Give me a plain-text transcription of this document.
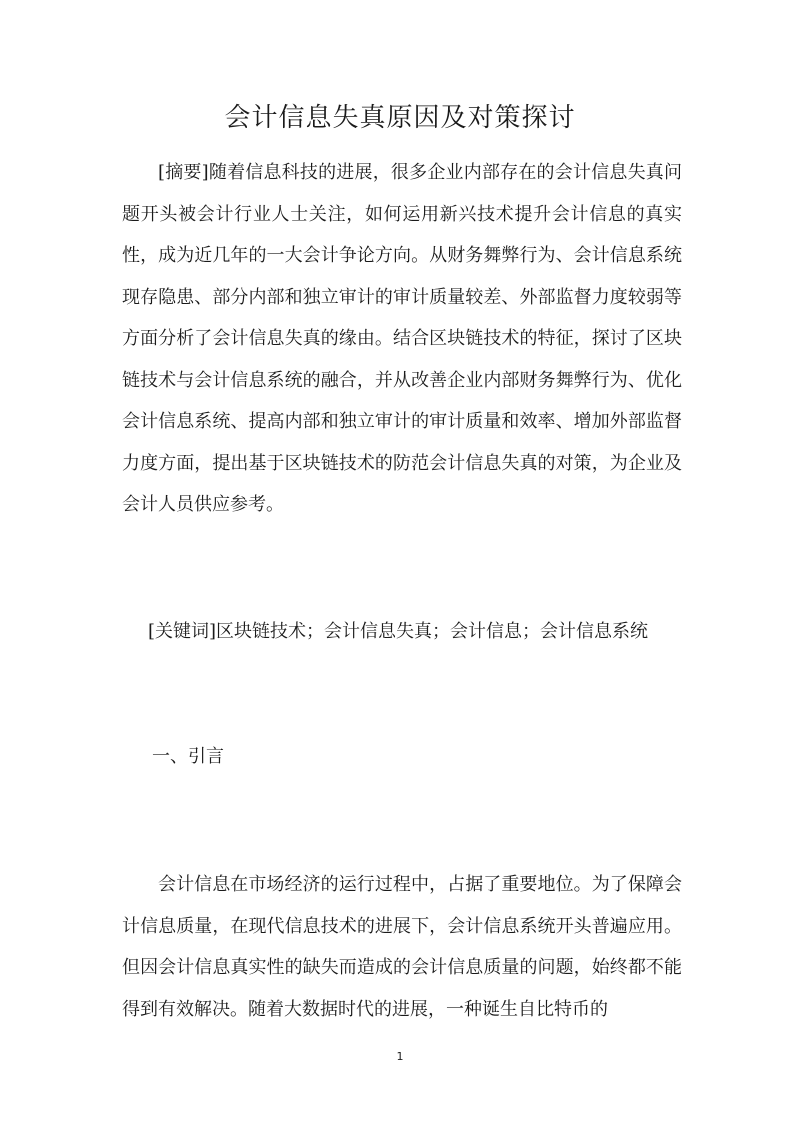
会计信息失真原因及对策探讨

[摘要]随着信息科技的进展，很多企业内部存在的会计信息失真问题开头被会计行业人士关注，如何运用新兴技术提升会计信息的真实性，成为近几年的一大会计争论方向。从财务舞弊行为、会计信息系统现存隐患、部分内部和独立审计的审计质量较差、外部监督力度较弱等方面分析了会计信息失真的缘由。结合区块链技术的特征，探讨了区块链技术与会计信息系统的融合，并从改善企业内部财务舞弊行为、优化会计信息系统、提高内部和独立审计的审计质量和效率、增加外部监督力度方面，提出基于区块链技术的防范会计信息失真的对策，为企业及会计人员供应参考。

[关键词]区块链技术；会计信息失真；会计信息；会计信息系统

一、引言

会计信息在市场经济的运行过程中，占据了重要地位。为了保障会计信息质量，在现代信息技术的进展下，会计信息系统开头普遍应用。但因会计信息真实性的缺失而造成的会计信息质量的问题，始终都不能得到有效解决。随着大数据时代的进展，一种诞生自比特币的

1
